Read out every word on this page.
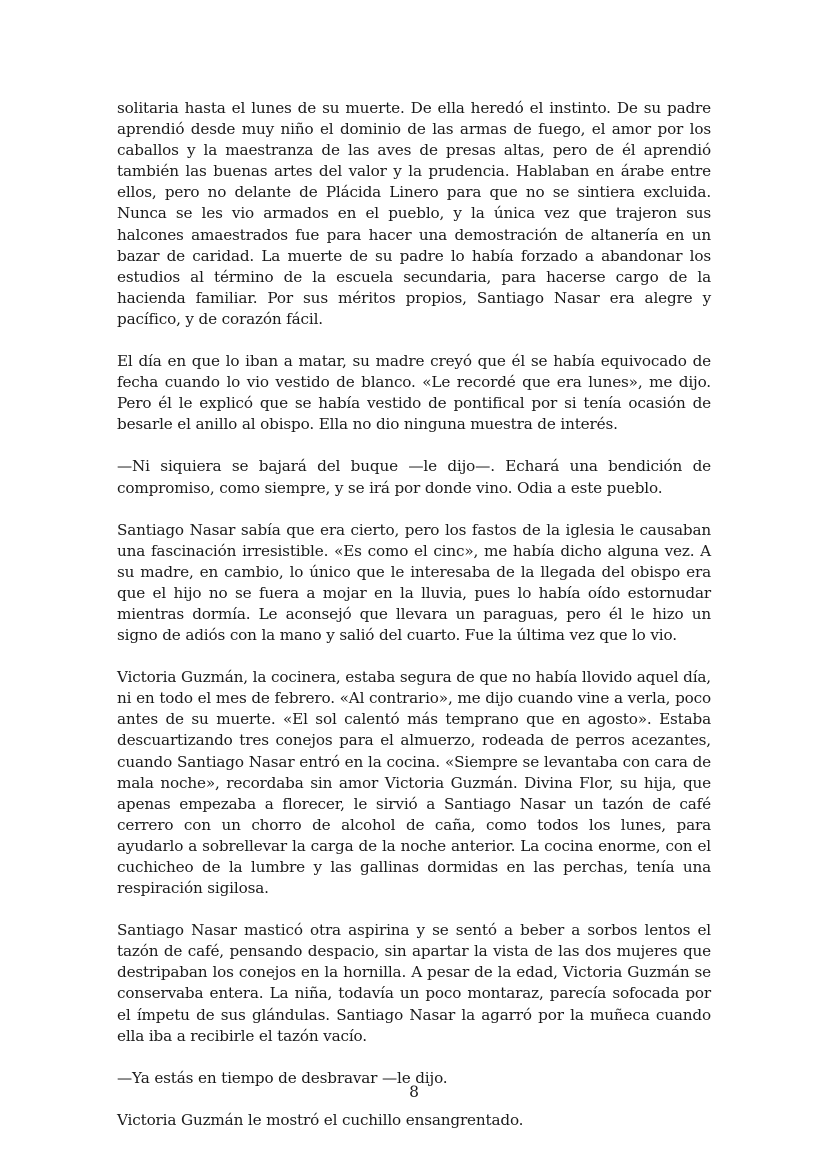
solitaria hasta el lunes de su muerte. De ella heredó el instinto. De su padre aprendió desde muy niño el dominio de las armas de fuego, el amor por los caballos y la maestranza de las aves de presas altas, pero de él aprendió también las buenas artes del valor y la prudencia. Hablaban en árabe entre ellos, pero no delante de Plácida Linero para que no se sintiera excluida. Nunca se les vio armados en el pueblo, y la única vez que trajeron sus halcones amaestrados fue para hacer una demostración de altanería en un bazar de caridad. La muerte de su padre lo había forzado a abandonar los estudios al término de la escuela secundaria, para hacerse cargo de la hacienda familiar. Por sus méritos propios, Santiago Nasar era alegre y pacífico, y de corazón fácil.

El día en que lo iban a matar, su madre creyó que él se había equivocado de fecha cuando lo vio vestido de blanco. «Le recordé que era lunes», me dijo. Pero él le explicó que se había vestido de pontifical por si tenía ocasión de besarle el anillo al obispo. Ella no dio ninguna muestra de interés.

—Ni siquiera se bajará del buque —le dijo—. Echará una bendición de compromiso, como siempre, y se irá por donde vino. Odia a este pueblo.

Santiago Nasar sabía que era cierto, pero los fastos de la iglesia le causaban una fascinación irresistible. «Es como el cinc», me había dicho alguna vez. A su madre, en cambio, lo único que le interesaba de la llegada del obispo era que el hijo no se fuera a mojar en la lluvia, pues lo había oído estornudar mientras dormía. Le aconsejó que llevara un paraguas, pero él le hizo un signo de adiós con la mano y salió del cuarto. Fue la última vez que lo vio.

Victoria Guzmán, la cocinera, estaba segura de que no había llovido aquel día, ni en todo el mes de febrero. «Al contrario», me dijo cuando vine a verla, poco antes de su muerte. «El sol calentó más temprano que en agosto». Estaba descuartizando tres conejos para el almuerzo, rodeada de perros acezantes, cuando Santiago Nasar entró en la cocina. «Siempre se levantaba con cara de mala noche», recordaba sin amor Victoria Guzmán. Divina Flor, su hija, que apenas empezaba a florecer, le sirvió a Santiago Nasar un tazón de café cerrero con un chorro de alcohol de caña, como todos los lunes, para ayudarlo a sobrellevar la carga de la noche anterior. La cocina enorme, con el cuchicheo de la lumbre y las gallinas dormidas en las perchas, tenía una respiración sigilosa.

Santiago Nasar masticó otra aspirina y se sentó a beber a sorbos lentos el tazón de café, pensando despacio, sin apartar la vista de las dos mujeres que destripaban los conejos en la hornilla. A pesar de la edad, Victoria Guzmán se conservaba entera. La niña, todavía un poco montaraz, parecía sofocada por el ímpetu de sus glándulas. Santiago Nasar la agarró por la muñeca cuando ella iba a recibirle el tazón vacío.

—Ya estás en tiempo de desbravar —le dijo.

Victoria Guzmán le mostró el cuchillo ensangrentado.

8
